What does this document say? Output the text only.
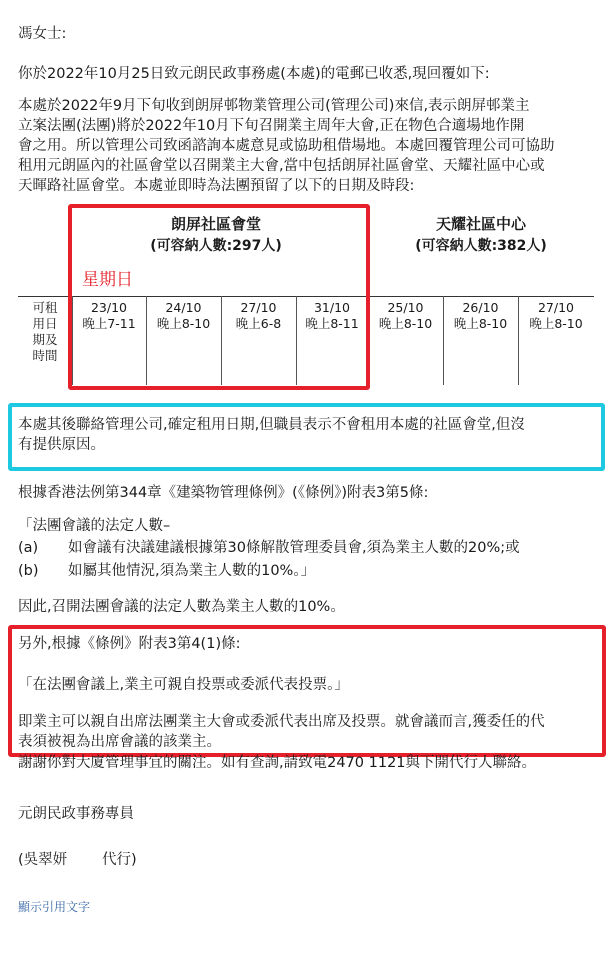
馮女士:
你於2022年10月25日致元朗民政事務處(本處)的電郵已收悉,現回覆如下:
本處於2022年9月下旬收到朗屏邨物業管理公司(管理公司)來信,表示朗屏邨業主
立案法團(法團)將於2022年10月下旬召開業主周年大會,正在物色合適場地作開
會之用。所以管理公司致函諮詢本處意見或協助租借場地。本處回覆管理公司可協助
租用元朗區內的社區會堂以召開業主大會,當中包括朗屏社區會堂、天耀社區中心或
天暉路社區會堂。本處並即時為法團預留了以下的日期及時段:
朗屏社區會堂
(可容納人數:297人)
天耀社區中心
(可容納人數:382人)
星期日
可租
用日
期及
時間
23/10
晚上7-11
24/10
晚上8-10
27/10
晚上6-8
31/10
晚上8-11
25/10
晚上8-10
26/10
晚上8-10
27/10
晚上8-10
本處其後聯絡管理公司,確定租用日期,但職員表示不會租用本處的社區會堂,但沒
有提供原因。
根據香港法例第344章《建築物管理條例》(《條例》)附表3第5條:
「法團會議的法定人數–
(a) 如會議有決議建議根據第30條解散管理委員會,須為業主人數的20%;或
(b) 如屬其他情況,須為業主人數的10%。」
因此,召開法團會議的法定人數為業主人數的10%。
另外,根據《條例》附表3第4(1)條:
「在法團會議上,業主可親自投票或委派代表投票。」
即業主可以親自出席法團業主大會或委派代表出席及投票。就會議而言,獲委任的代
表須被視為出席會議的該業主。
謝謝你對大廈管理事宜的關注。如有查詢,請致電2470 1121與下開代行人聯絡。
元朗民政事務專員
(吳翠妍 代行)
顯示引用文字
